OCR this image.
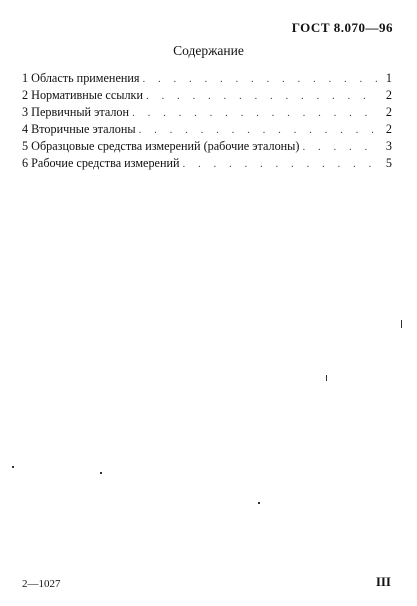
ГОСТ 8.070—96
Содержание
1 Область применения . . .	1
2 Нормативные ссылки . . .	2
3 Первичный эталон . . .	2
4 Вторичные эталоны . . .	2
5 Образцовые средства измерений (рабочие эталоны) . . .	3
6 Рабочие средства измерений . . .	5
2—1027	III
